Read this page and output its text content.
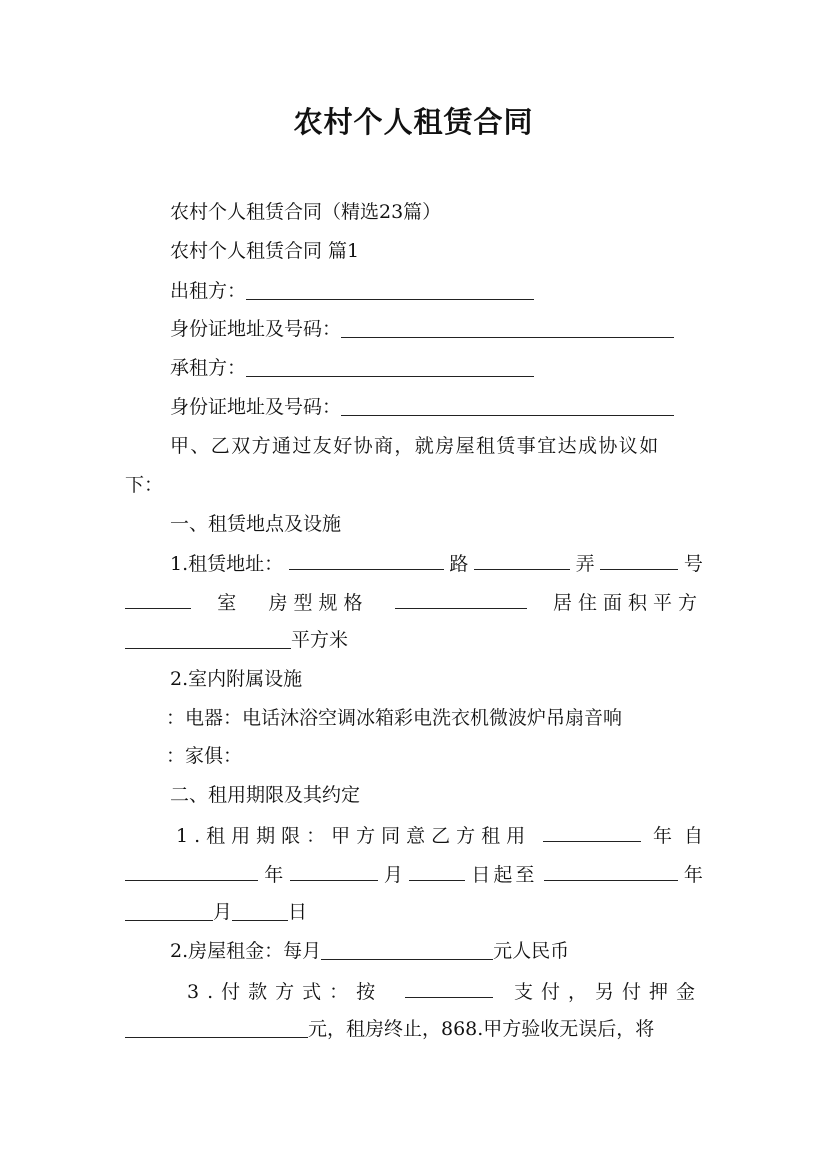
农村个人租赁合同
农村个人租赁合同（精选23篇）
农村个人租赁合同 篇1
出租方：
身份证地址及号码：
承租方：
身份证地址及号码：
甲、乙双方通过友好协商，就房屋租赁事宜达成协议如
下：
一、租赁地点及设施
1.租赁地址：	路	弄	号
室 房型规格	居住面积平方
平方米
2.室内附属设施
：电器：电话沐浴空调冰箱彩电洗衣机微波炉吊扇音响
：家俱：
二、租用期限及其约定
1.租用期限：甲方同意乙方租用	年 自
年	月	日起至	年
月	日
2.房屋租金：每月	元人民币
3.付款方式：按	支付，另付押金
元，租房终止，868.甲方验收无误后，将
